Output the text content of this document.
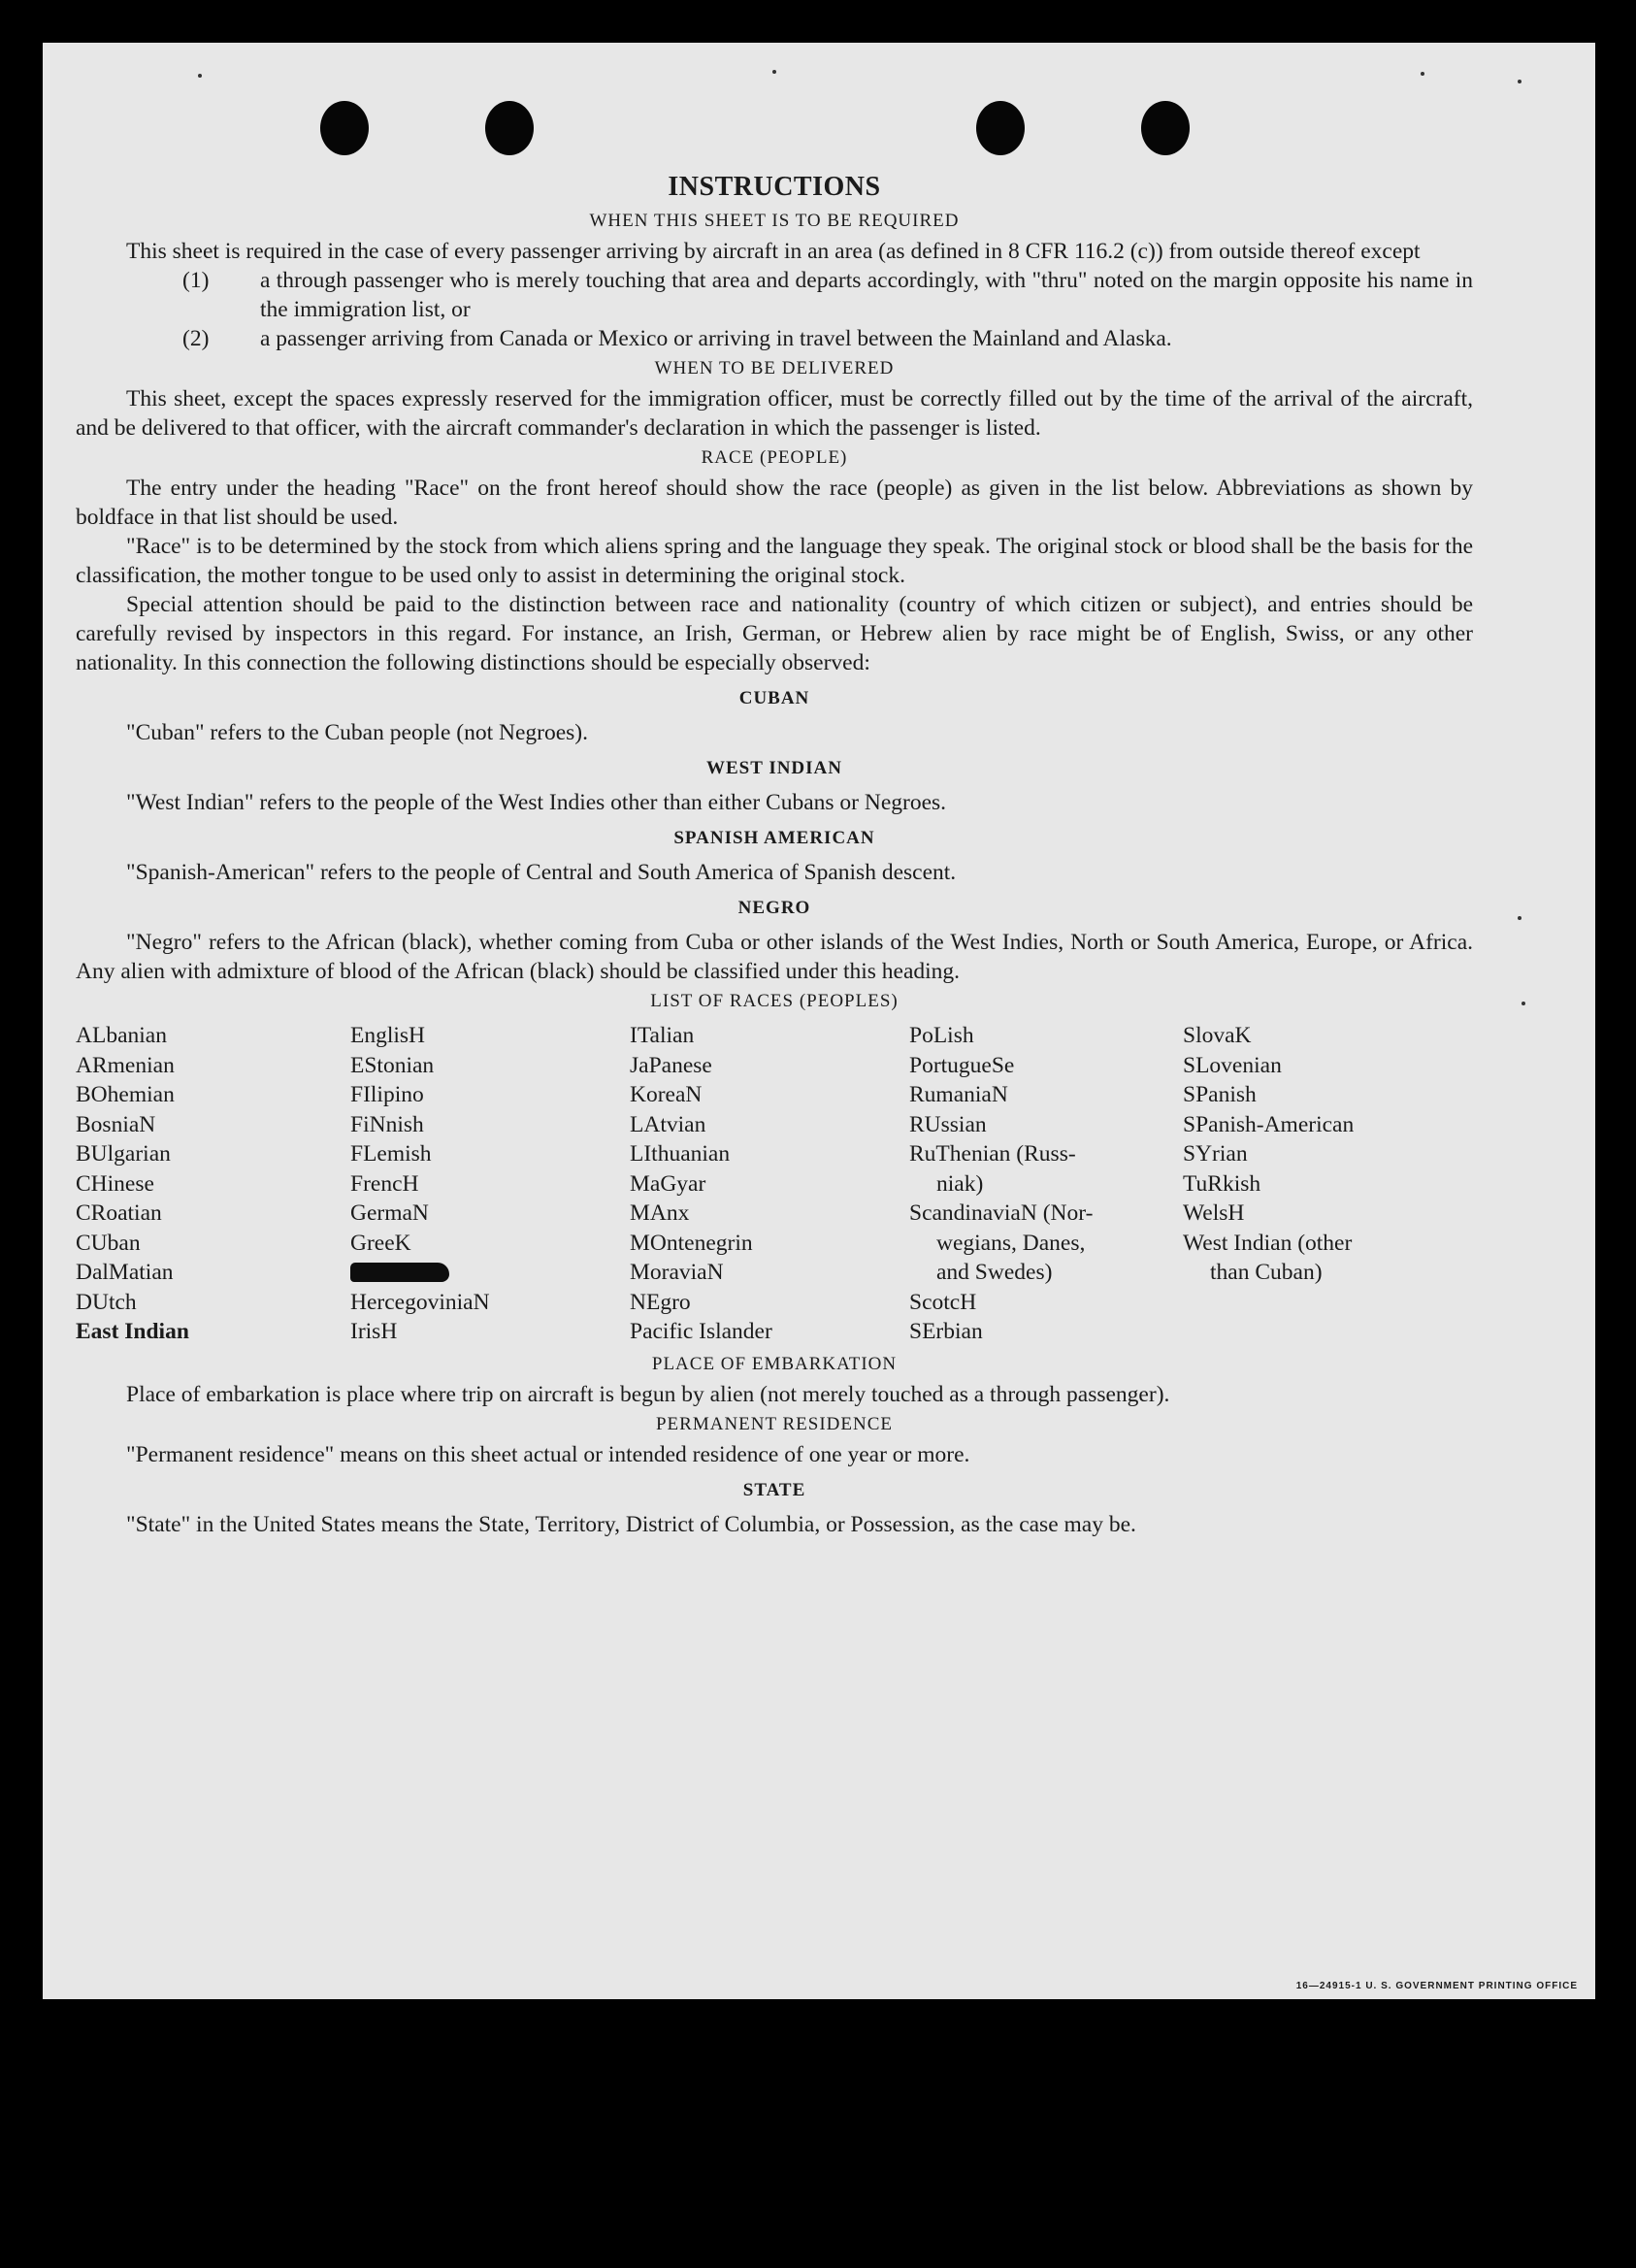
INSTRUCTIONS
WHEN THIS SHEET IS TO BE REQUIRED

This sheet is required in the case of every passenger arriving by aircraft in an area (as defined in 8 CFR 116.2 (c)) from outside thereof except

(1) a through passenger who is merely touching that area and departs accordingly, with "thru" noted on the margin opposite his name in the immigration list, or
(2) a passenger arriving from Canada or Mexico or arriving in travel between the Mainland and Alaska.
WHEN TO BE DELIVERED

This sheet, except the spaces expressly reserved for the immigration officer, must be correctly filled out by the time of the arrival of the aircraft, and be delivered to that officer, with the aircraft commander's declaration in which the passenger is listed.

RACE (PEOPLE)

The entry under the heading "Race" on the front hereof should show the race (people) as given in the list below. Abbreviations as shown by boldface in that list should be used.

"Race" is to be determined by the stock from which aliens spring and the language they speak. The original stock or blood shall be the basis for the classification, the mother tongue to be used only to assist in determining the original stock.

Special attention should be paid to the distinction between race and nationality (country of which citizen or subject), and entries should be carefully revised by inspectors in this regard. For instance, an Irish, German, or Hebrew alien by race might be of English, Swiss, or any other nationality. In this connection the following distinctions should be especially observed:

CUBAN

"Cuban" refers to the Cuban people (not Negroes).

WEST INDIAN

"West Indian" refers to the people of the West Indies other than either Cubans or Negroes.

SPANISH AMERICAN

"Spanish-American" refers to the people of Central and South America of Spanish descent.

NEGRO

"Negro" refers to the African (black), whether coming from Cuba or other islands of the West Indies, North or South America, Europe, or Africa. Any alien with admixture of blood of the African (black) should be classified under this heading.

LIST OF RACES (PEOPLES)
ALbanian
ARmenian
BOhemian
BosniaN
BUlgarian
CHinese
CRoatian
CUban
DalMatian
DUtch
East Indian
EnglisH
EStonian
FIlipino
FiNnish
FLemish
FrencH
GermaN
GreeK
HercegoviniaN
IrisH
ITalian
JaPanese
KoreaN
LAtvian
LIthuanian
MaGyar
MAnx
MOntenegrin
MoraviaN
NEgro
Pacific Islander
PoLish
PortugueSe
RumaniaN
RUssian
RuThenian (Russ-
niak)
ScandinaviaN (Nor-
wegians, Danes,
and Swedes)
ScotcH
SErbian
SlovaK
SLovenian
SPanish
SPanish-American
SYrian
TuRkish
WelsH
West Indian (other
than Cuban)
PLACE OF EMBARKATION

Place of embarkation is place where trip on aircraft is begun by alien (not merely touched as a through passenger).

PERMANENT RESIDENCE

"Permanent residence" means on this sheet actual or intended residence of one year or more.

STATE

"State" in the United States means the State, Territory, District of Columbia, or Possession, as the case may be.

16—24915-1 U. S. GOVERNMENT PRINTING OFFICE
